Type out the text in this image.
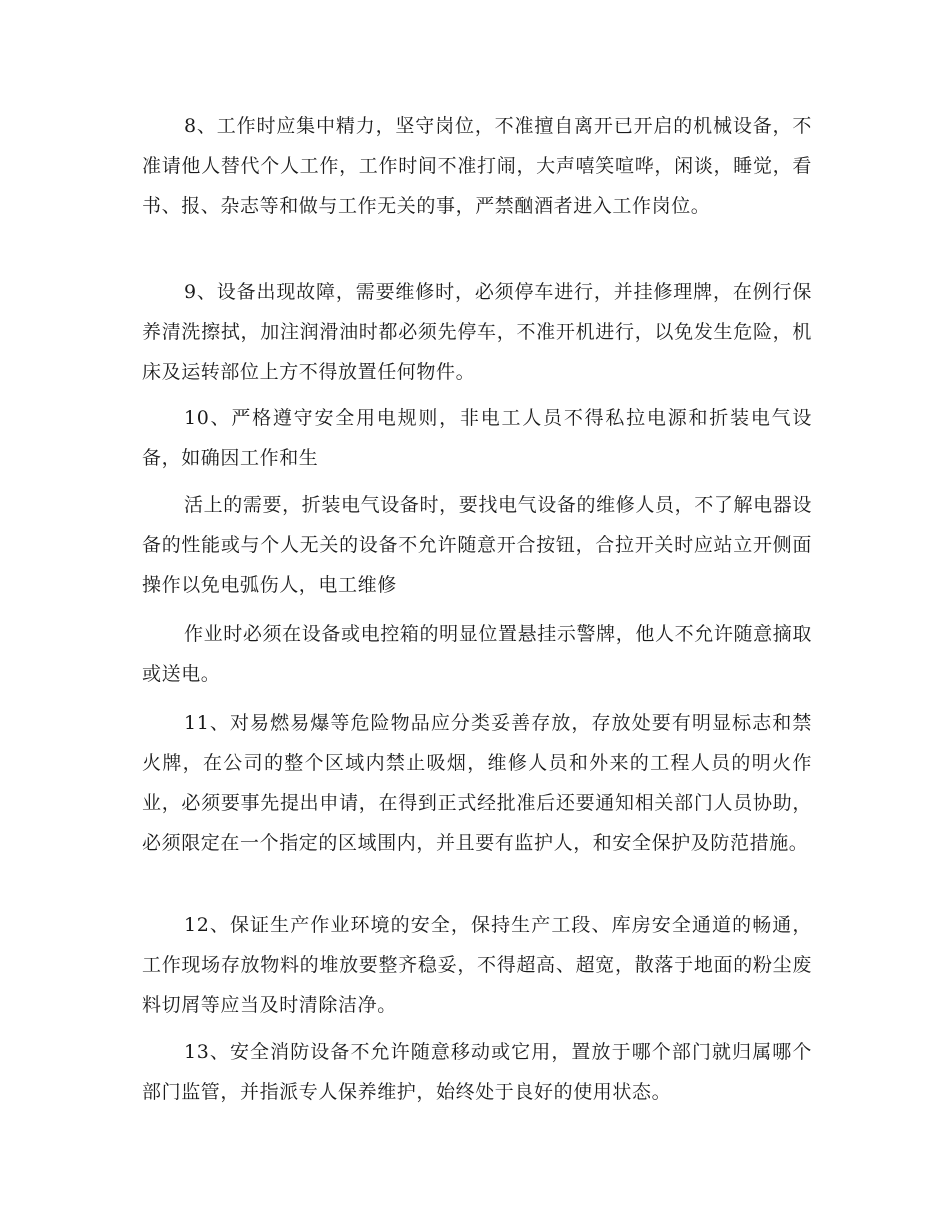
8、工作时应集中精力，坚守岗位，不准擅自离开已开启的机械设备，不准请他人替代个人工作，工作时间不准打闹，大声嘻笑喧哗，闲谈，睡觉，看书、报、杂志等和做与工作无关的事，严禁酗酒者进入工作岗位。

9、设备出现故障，需要维修时，必须停车进行，并挂修理牌，在例行保养清洗擦拭，加注润滑油时都必须先停车，不准开机进行，以免发生危险，机床及运转部位上方不得放置任何物件。

10、严格遵守安全用电规则，非电工人员不得私拉电源和折装电气设备，如确因工作和生

活上的需要，折装电气设备时，要找电气设备的维修人员，不了解电器设备的性能或与个人无关的设备不允许随意开合按钮，合拉开关时应站立开侧面操作以免电弧伤人，电工维修

作业时必须在设备或电控箱的明显位置悬挂示警牌，他人不允许随意摘取或送电。

11、对易燃易爆等危险物品应分类妥善存放，存放处要有明显标志和禁火牌，在公司的整个区域内禁止吸烟，维修人员和外来的工程人员的明火作业，必须要事先提出申请，在得到正式经批准后还要通知相关部门人员协助，必须限定在一个指定的区域围内，并且要有监护人，和安全保护及防范措施。

12、保证生产作业环境的安全，保持生产工段、库房安全通道的畅通，工作现场存放物料的堆放要整齐稳妥，不得超高、超宽，散落于地面的粉尘废料切屑等应当及时清除洁净。

13、安全消防设备不允许随意移动或它用，置放于哪个部门就归属哪个部门监管，并指派专人保养维护，始终处于良好的使用状态。
